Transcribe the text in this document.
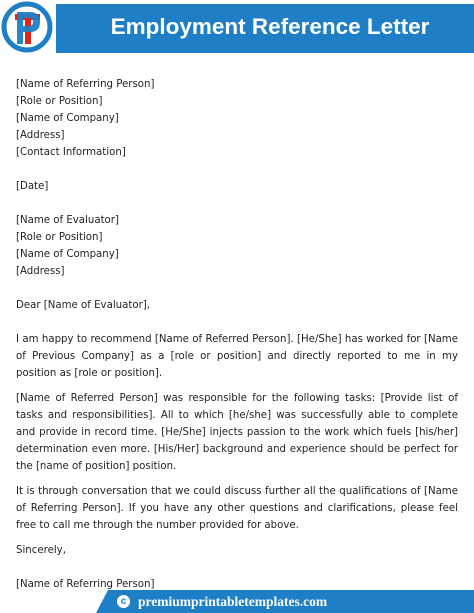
Employment Reference Letter
[Name of Referring Person]
[Role or Position]
[Name of Company]
[Address]
[Contact Information]
[Date]
[Name of Evaluator]
[Role or Position]
[Name of Company]
[Address]
Dear [Name of Evaluator],
I am happy to recommend [Name of Referred Person]. [He/She] has worked for [Name of Previous Company] as a [role or position] and directly reported to me in my position as [role or position].
[Name of Referred Person] was responsible for the following tasks: [Provide list of tasks and responsibilities]. All to which [he/she] was successfully able to complete and provide in record time. [He/She] injects passion to the work which fuels [his/her] determination even more. [His/Her] background and experience should be perfect for the [name of position] position.
It is through conversation that we could discuss further all the qualifications of [Name of Referring Person]. If you have any other questions and clarifications, please feel free to call me through the number provided for above.
Sincerely,
[Name of Referring Person]
c premiumprintabletemplates.com
